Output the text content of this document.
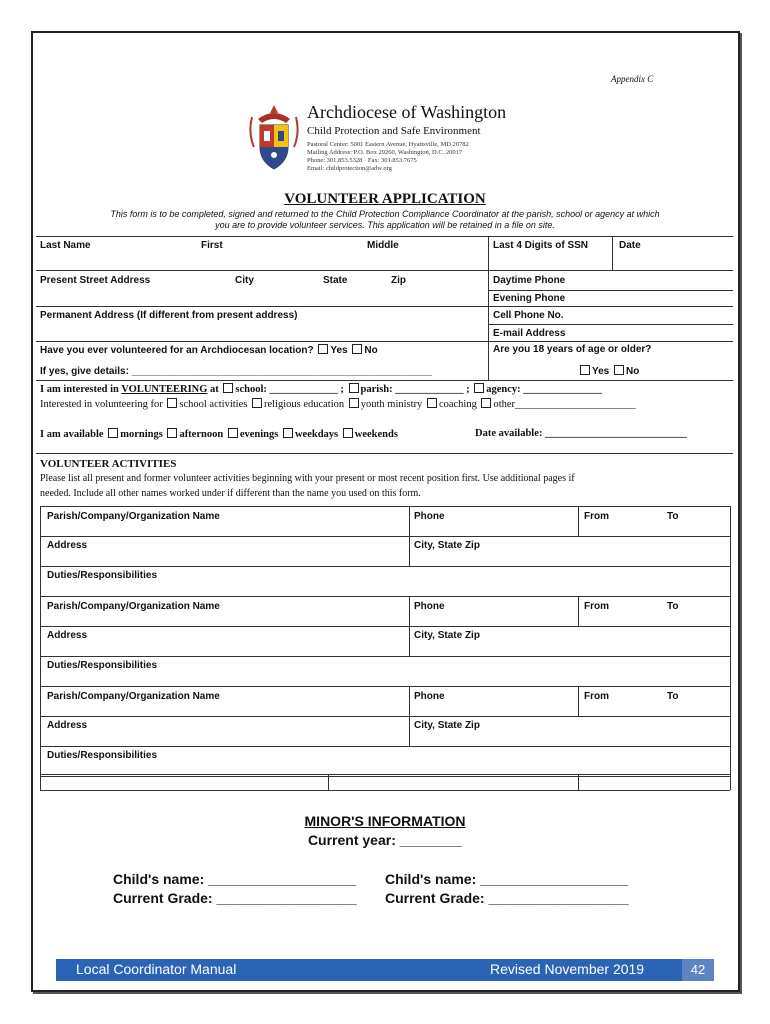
Appendix C
Archdiocese of Washington
Child Protection and Safe Environment
Pastoral Center: 5001 Eastern Avenue, Hyattsville, MD 20782
Mailing Address: P.O. Box 29260, Washington, D.C. 20017
Phone: 301.853.5328 · Fax: 301.853.7675
Email: childprotection@adw.org
VOLUNTEER APPLICATION
This form is to be completed, signed and returned to the Child Protection Compliance Coordinator at the parish, school or agency at which
you are to provide volunteer services. This application will be retained in a file on site.
Last Name	First	Middle	Last 4 Digits of SSN	Date
Present Street Address	City	State	Zip	Daytime Phone
Evening Phone
Permanent Address (If different from present address)	Cell Phone No.
E-mail Address
Have you ever volunteered for an Archdiocesan location? Yes No	Are you 18 years of age or older?
If yes, give details: ______________________________________________________	Yes No
I am interested in VOLUNTEERING at school: _____________ ; parish: _____________ ; agency: _______________
Interested in volunteering for school activities religious education youth ministry coaching other_______________________
I am available mornings afternoon evenings weekdays weekends	Date available: ___________________________
VOLUNTEER ACTIVITIES
Please list all present and former volunteer activities beginning with your present or most recent position first. Use additional pages if
needed. Include all other names worked under if different than the name you used on this form.
Parish/Company/Organization Name	Phone	From	To
Address	City, State Zip
Duties/Responsibilities
Parish/Company/Organization Name	Phone	From	To
Address	City, State Zip
Duties/Responsibilities
Parish/Company/Organization Name	Phone	From	To
Address	City, State Zip
Duties/Responsibilities
MINOR'S INFORMATION
Current year: ________
Child's name: ___________________
Current Grade: __________________
Child's name: ___________________
Current Grade: __________________
Local Coordinator Manual	Revised November 2019	42
